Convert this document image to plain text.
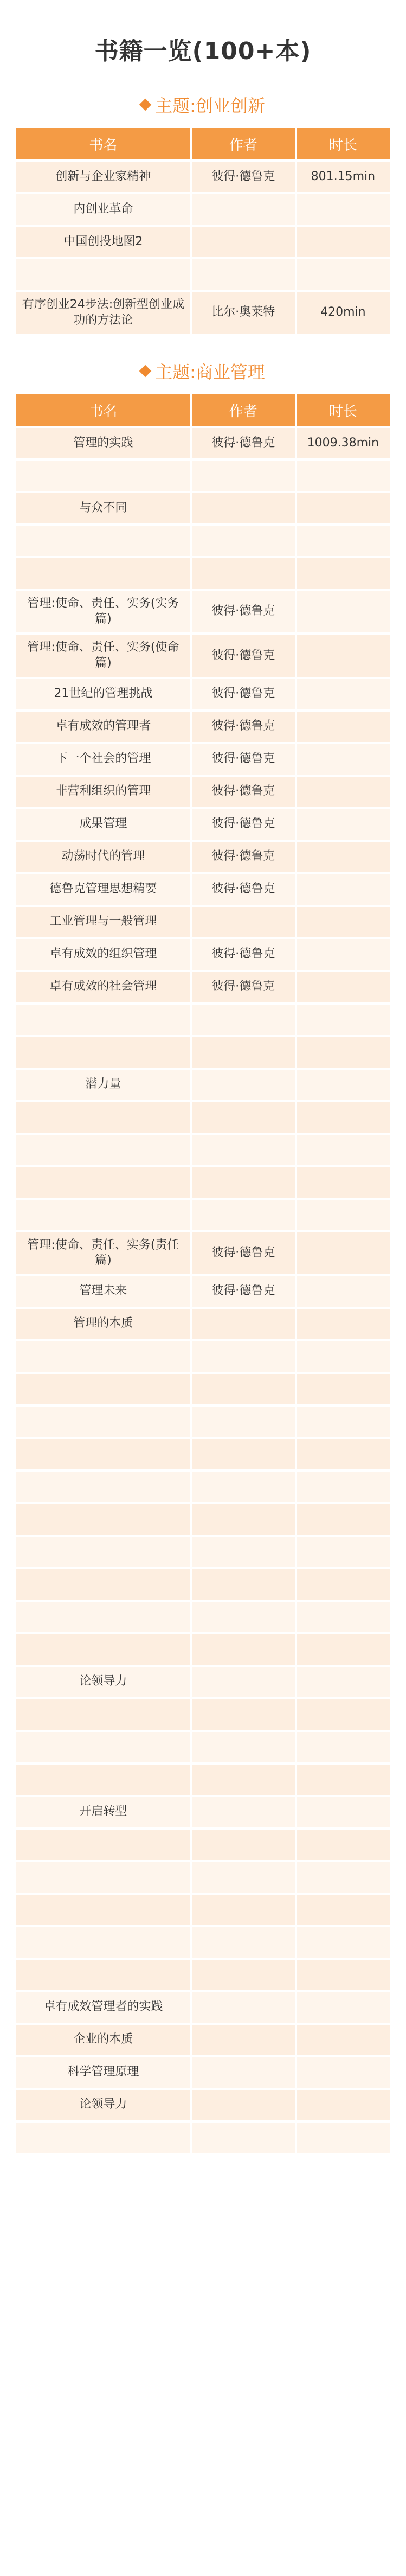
书籍一览(100+本)
主题:创业创新
书名	作者	时长
创新与企业家精神	彼得·德鲁克	801.15min
内创业革命		
中国创投地图2		

有序创业24步法:创新型创业成功的方法论	比尔·奥莱特	420min
主题:商业管理
书名	作者	时长
管理的实践	彼得·德鲁克	1009.38min

与众不同		

管理:使命、责任、实务(实务篇)	彼得·德鲁克	
管理:使命、责任、实务(使命篇)	彼得·德鲁克	
21世纪的管理挑战	彼得·德鲁克	
卓有成效的管理者	彼得·德鲁克	
下一个社会的管理	彼得·德鲁克	
非营利组织的管理	彼得·德鲁克	
成果管理	彼得·德鲁克	
动荡时代的管理	彼得·德鲁克	
德鲁克管理思想精要	彼得·德鲁克	
工业管理与一般管理		
卓有成效的组织管理	彼得·德鲁克	
卓有成效的社会管理	彼得·德鲁克	

潜力量		

管理:使命、责任、实务(责任篇)	彼得·德鲁克	
管理未来	彼得·德鲁克	
管理的本质		

论领导力		

开启转型		

卓有成效管理者的实践		
企业的本质		
科学管理原理		
论领导力		
